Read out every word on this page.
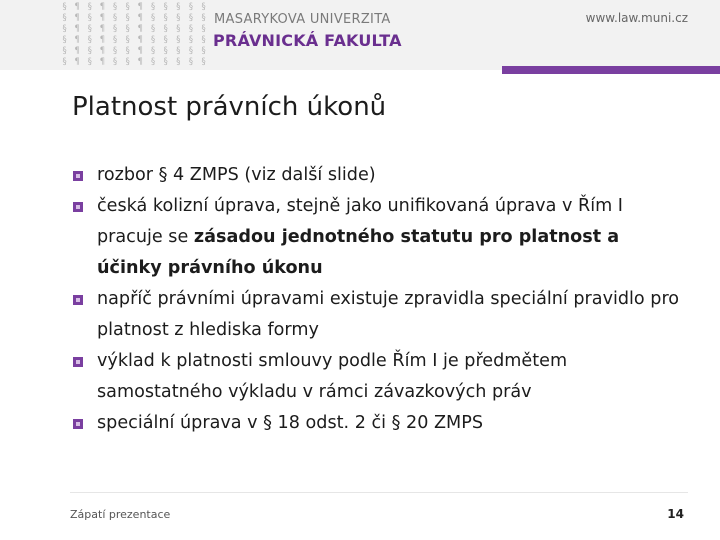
§ ¶ § ¶ § § ¶ § § § § §
§ ¶ § ¶ § § ¶ § § § § §
§ ¶ § ¶ § § ¶ § § § § §
§ ¶ § ¶ § § ¶ § § § § §
§ ¶ § ¶ § § ¶ § § § § §
§ ¶ § ¶ § § ¶ § § § § §
MASARYKOVA UNIVERZITA
PRÁVNICKÁ FAKULTA
www.law.muni.cz
Platnost právních úkonů
rozbor § 4 ZMPS (viz další slide)
česká kolizní úprava, stejně jako unifikovaná úprava v Řím I pracuje se zásadou jednotného statutu pro platnost a účinky právního úkonu
napříč právními úpravami existuje zpravidla speciální pravidlo pro platnost z hlediska formy
výklad k platnosti smlouvy podle Řím I je předmětem samostatného výkladu v rámci závazkových práv
speciální úprava v § 18 odst. 2 či § 20 ZMPS
Zápatí prezentace	14
